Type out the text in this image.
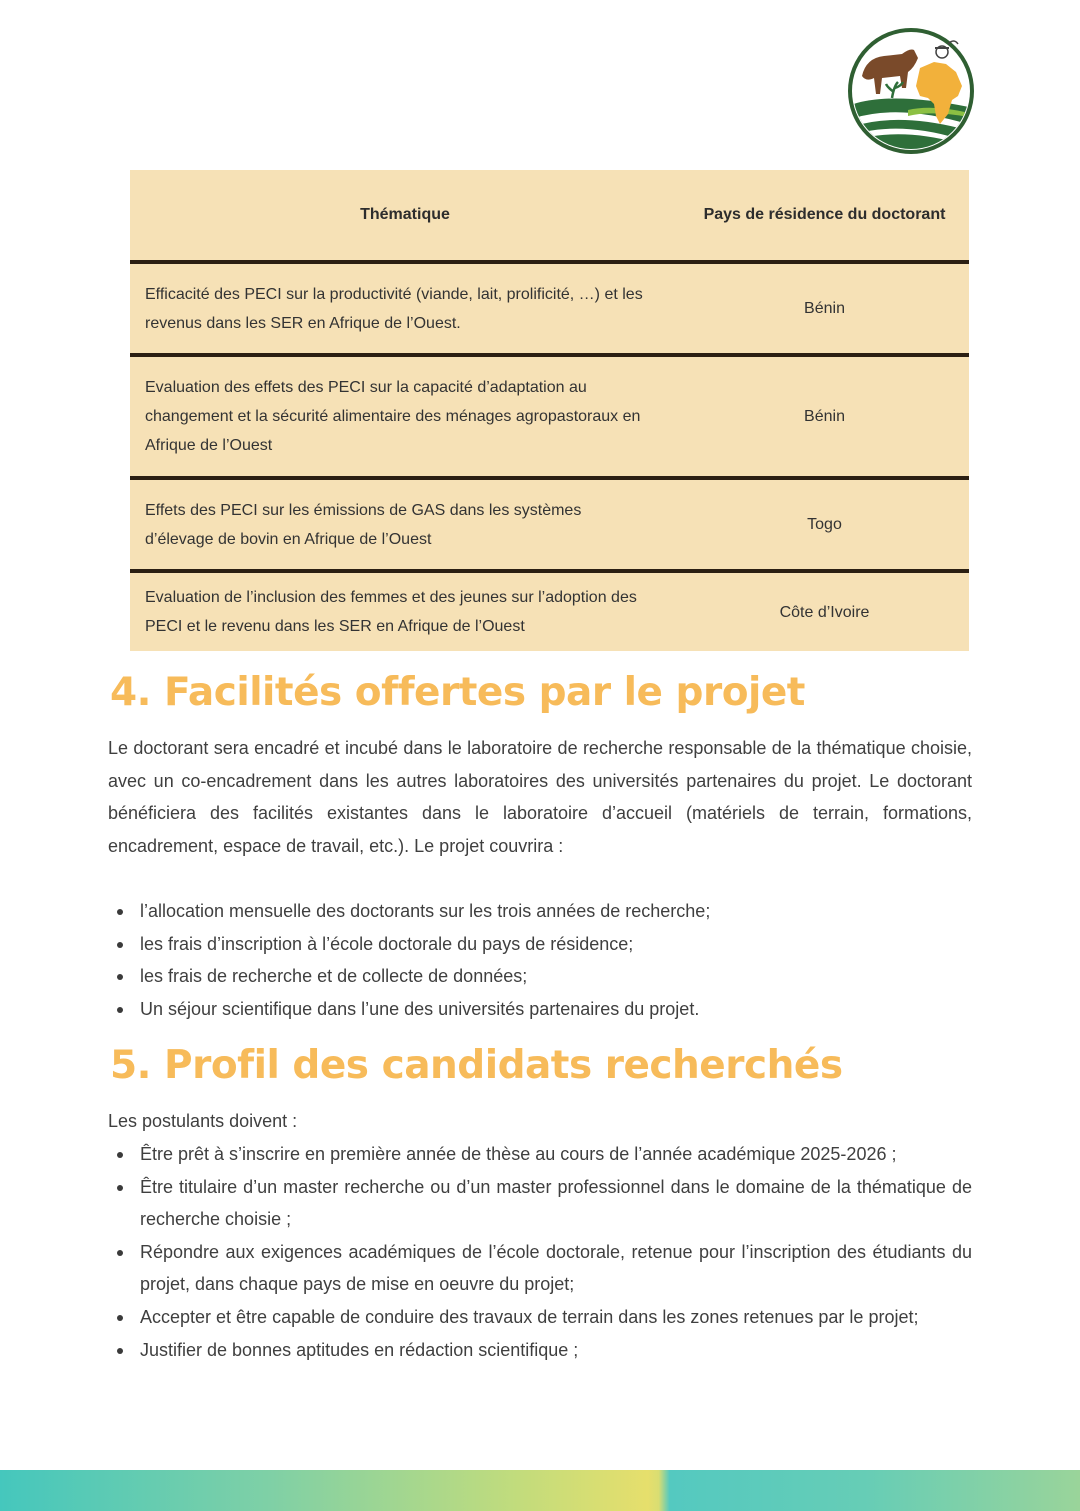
Thématique	Pays de résidence du doctorant
Efficacité des PECI sur la productivité (viande, lait, prolificité, …) et les revenus dans les SER en Afrique de l’Ouest.	Bénin
Evaluation des effets des PECI sur la capacité d’adaptation au changement et la sécurité alimentaire des ménages agropastoraux en Afrique de l’Ouest	Bénin
Effets des PECI sur les émissions de GAS dans les systèmes d’élevage de bovin en Afrique de l’Ouest	Togo
Evaluation de l’inclusion des femmes et des jeunes sur l’adoption des PECI et le revenu dans les SER en Afrique de l’Ouest	Côte d’Ivoire
4. Facilités offertes par le projet

Le doctorant sera encadré et incubé dans le laboratoire de recherche responsable de la thématique choisie, avec un co-encadrement dans les autres laboratoires des universités partenaires du projet. Le doctorant bénéficiera des facilités existantes dans le laboratoire d’accueil (matériels de terrain, formations, encadrement, espace de travail, etc.). Le projet couvrira :

l’allocation mensuelle des doctorants sur les trois années de recherche;
les frais d’inscription à l’école doctorale du pays de résidence;
les frais de recherche et de collecte de données;
Un séjour scientifique dans l’une des universités partenaires du projet.
5. Profil des candidats recherchés

Les postulants doivent :

Être prêt à s’inscrire en première année de thèse au cours de l’année académique 2025-2026 ;
Être titulaire d’un master recherche ou d’un master professionnel dans le domaine de la thématique de recherche choisie ;
Répondre aux exigences académiques de l’école doctorale, retenue pour l’inscription des étudiants du projet, dans chaque pays de mise en oeuvre du projet;
Accepter et être capable de conduire des travaux de terrain dans les zones retenues par le projet;
Justifier de bonnes aptitudes en rédaction scientifique ;
